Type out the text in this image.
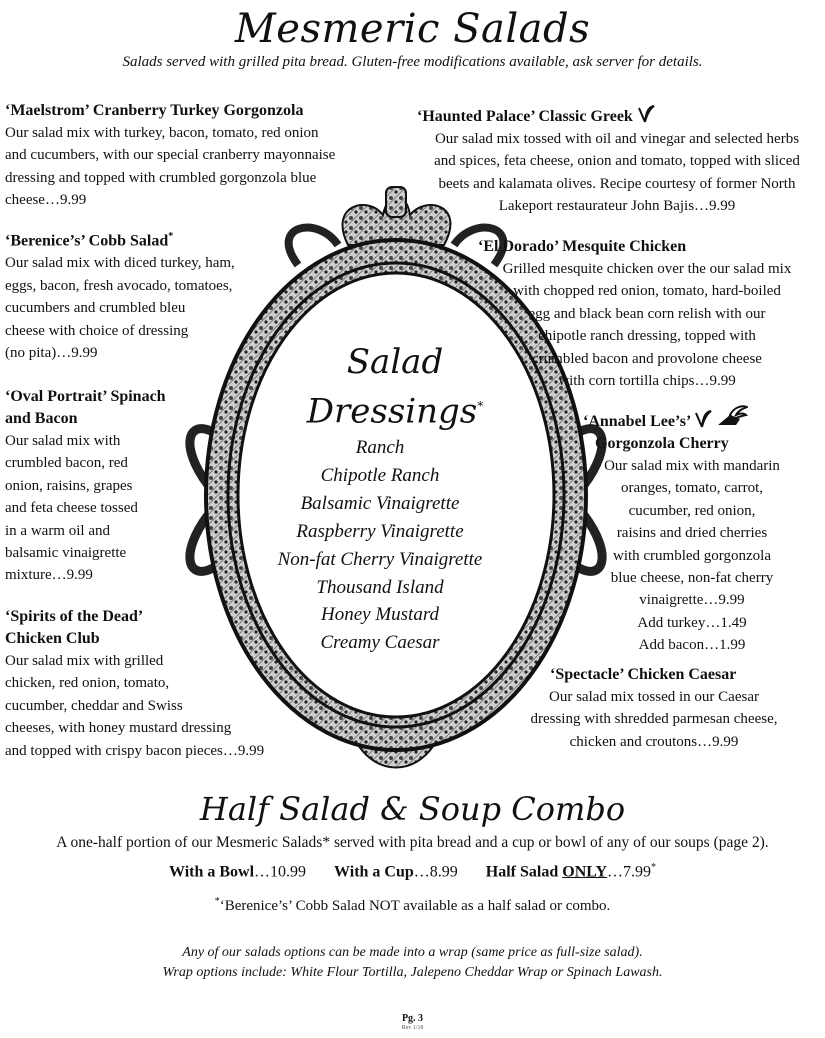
Mesmeric Salads
Salads served with grilled pita bread. Gluten-free modifications available, ask server for details.
‘Maelstrom’ Cranberry Turkey Gorgonzola

Our salad mix with turkey, bacon, tomato, red onion
and cucumbers, with our special cranberry mayonnaise
dressing and topped with crumbled gorgonzola blue
cheese…9.99

‘Berenice’s’ Cobb Salad*

Our salad mix with diced turkey, ham,
eggs, bacon, fresh avocado, tomatoes,
cucumbers and crumbled bleu
cheese with choice of dressing
(no pita)…9.99

‘Oval Portrait’ Spinach
and Bacon

Our salad mix with
crumbled bacon, red
onion, raisins, grapes
and feta cheese tossed
in a warm oil and
balsamic vinaigrette
mixture…9.99

‘Spirits of the Dead’
Chicken Club

Our salad mix with grilled
chicken, red onion, tomato,
cucumber, cheddar and Swiss
cheeses, with honey mustard dressing
and topped with crispy bacon pieces…9.99

‘Haunted Palace’ Classic Greek

Our salad mix tossed with oil and vinegar and selected herbs
and spices, feta cheese, onion and tomato, topped with sliced
beets and kalamata olives. Recipe courtesy of former North
Lakeport restaurateur John Bajis…9.99

‘El Dorado’ Mesquite Chicken

Grilled mesquite chicken over the our salad mix
with chopped red onion, tomato, hard-boiled
egg and black bean corn relish with our
chipotle ranch dressing, topped with
crumbled bacon and provolone cheese
with corn tortilla chips…9.99

‘Annabel Lee’s’
Gorgonzola Cherry

Our salad mix with mandarin
oranges, tomato, carrot,
cucumber, red onion,
raisins and dried cherries
with crumbled gorgonzola
blue cheese, non-fat cherry
vinaigrette…9.99
Add turkey…1.49
Add bacon…1.99

‘Spectacle’ Chicken Caesar

Our salad mix tossed in our Caesar
dressing with shredded parmesan cheese,
chicken and croutons…9.99

Salad
Dressings*
Ranch
Chipotle Ranch
Balsamic Vinaigrette
Raspberry Vinaigrette
Non-fat Cherry Vinaigrette
Thousand Island
Honey Mustard
Creamy Caesar
Half Salad & Soup Combo
A one-half portion of our Mesmeric Salads* served with pita bread and a cup or bowl of any of our soups (page 2).
With a Bowl…10.99 With a Cup…8.99 Half Salad ONLY…7.99*
*‘Berenice’s’ Cobb Salad NOT available as a half salad or combo.
Any of our salads options can be made into a wrap (same price as full-size salad).
Wrap options include: White Flour Tortilla, Jalepeno Cheddar Wrap or Spinach Lawash.
Pg. 3
Rev 1/18
